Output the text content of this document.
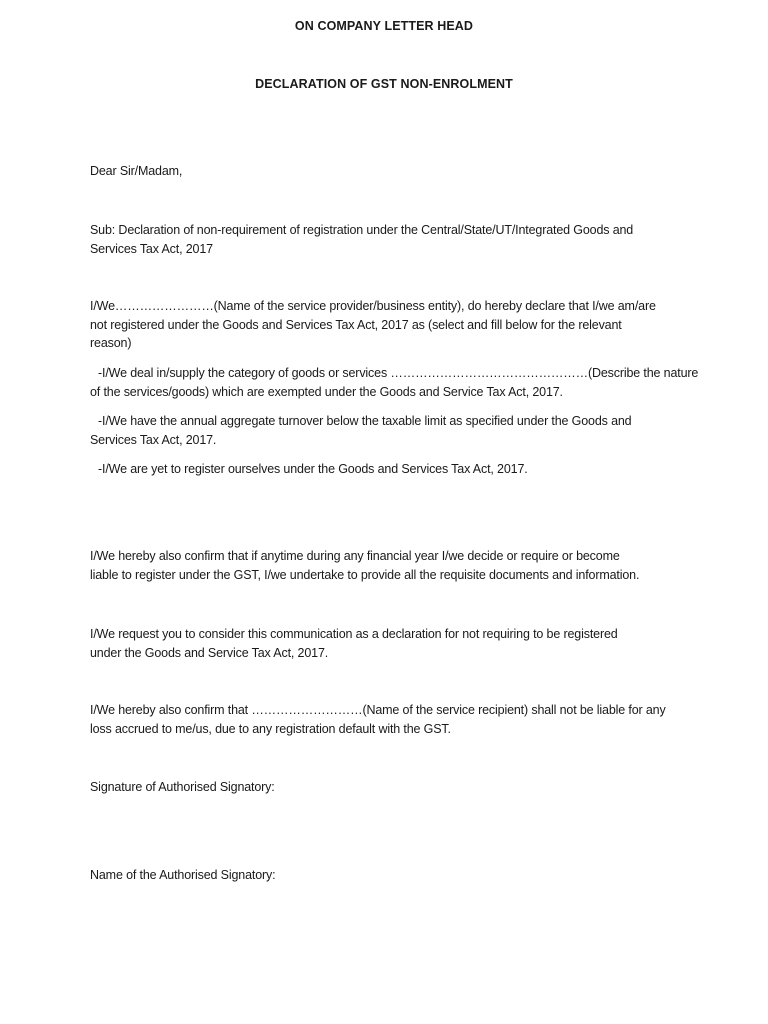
ON COMPANY LETTER HEAD
DECLARATION OF GST NON-ENROLMENT
Dear Sir/Madam,
Sub: Declaration of non-requirement of registration under the Central/State/UT/Integrated Goods and
Services Tax Act, 2017
I/We……………………(Name of the service provider/business entity), do hereby declare that I/we am/are
not registered under the Goods and Services Tax Act, 2017 as (select and fill below for the relevant
reason)
-I/We deal in/supply the category of goods or services …………………………………………(Describe the nature
of the services/goods) which are exempted under the Goods and Service Tax Act, 2017.
-I/We have the annual aggregate turnover below the taxable limit as specified under the Goods and
Services Tax Act, 2017.
-I/We are yet to register ourselves under the Goods and Services Tax Act, 2017.
I/We hereby also confirm that if anytime during any financial year I/we decide or require or become
liable to register under the GST, I/we undertake to provide all the requisite documents and information.
I/We request you to consider this communication as a declaration for not requiring to be registered
under the Goods and Service Tax Act, 2017.
I/We hereby also confirm that ………………………(Name of the service recipient) shall not be liable for any
loss accrued to me/us, due to any registration default with the GST.
Signature of Authorised Signatory:
Name of the Authorised Signatory:
